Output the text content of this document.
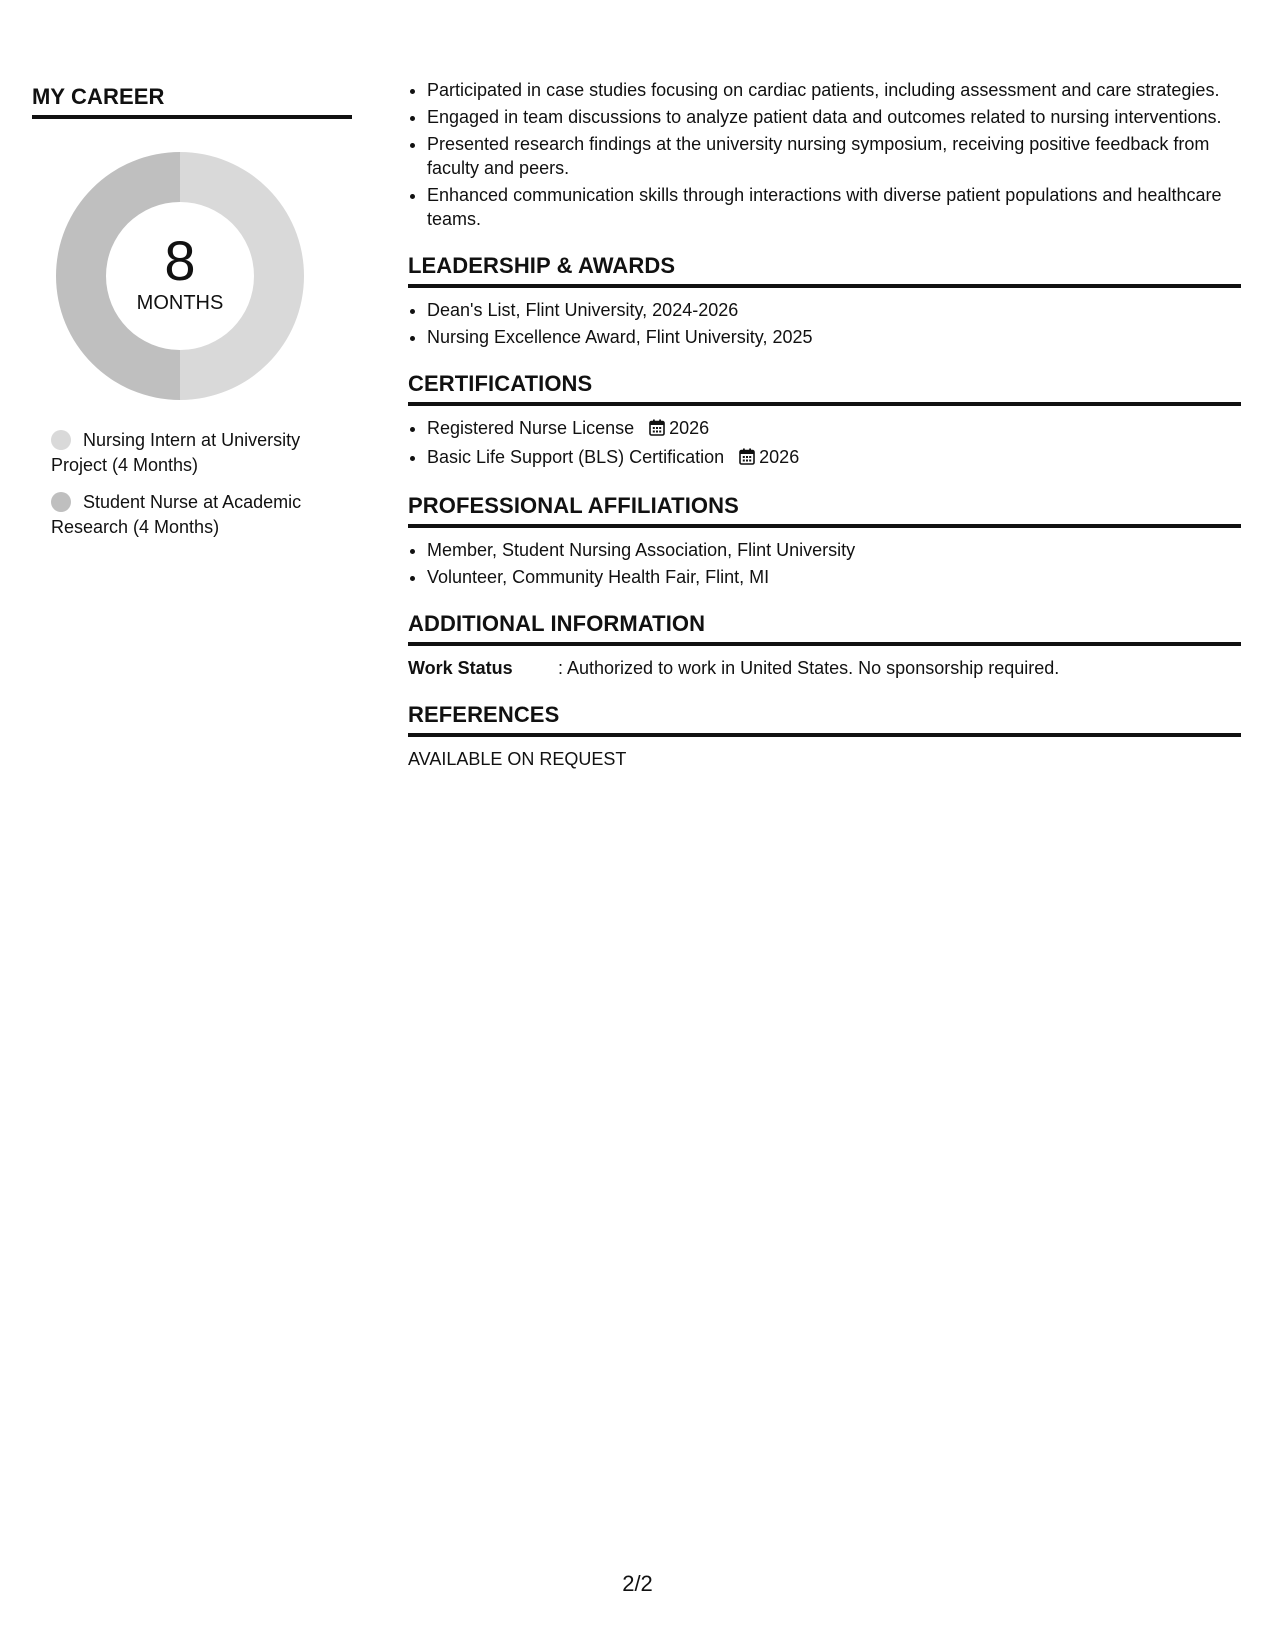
MY CAREER
8
MONTHS
Nursing Intern at University Project (4 Months)
Student Nurse at Academic Research (4 Months)
• Participated in case studies focusing on cardiac patients, including assessment and care strategies.
• Engaged in team discussions to analyze patient data and outcomes related to nursing interventions.
• Presented research findings at the university nursing symposium, receiving positive feedback from faculty and peers.
• Enhanced communication skills through interactions with diverse patient populations and healthcare teams.
LEADERSHIP & AWARDS
• Dean's List, Flint University, 2024-2026
• Nursing Excellence Award, Flint University, 2025
CERTIFICATIONS
• Registered Nurse License 2026
• Basic Life Support (BLS) Certification 2026
PROFESSIONAL AFFILIATIONS
• Member, Student Nursing Association, Flint University
• Volunteer, Community Health Fair, Flint, MI
ADDITIONAL INFORMATION
Work Status	: Authorized to work in United States. No sponsorship required.
REFERENCES
AVAILABLE ON REQUEST
2/2
